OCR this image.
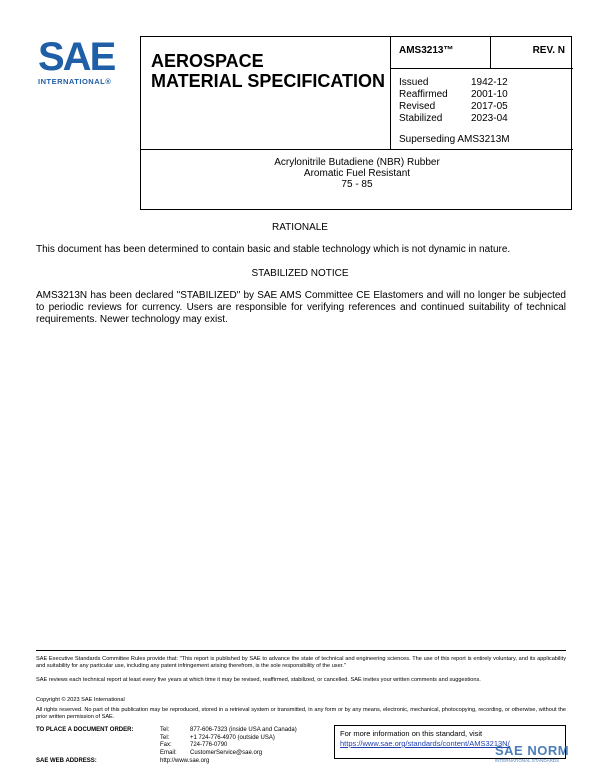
SAE
INTERNATIONAL®
AEROSPACE
MATERIAL SPECIFICATION
AMS3213™	REV. N
Issued	1942-12
Reaffirmed	2001-10
Revised	2017-05
Stabilized	2023-04
Superseding AMS3213M
Acrylonitrile Butadiene (NBR) Rubber
Aromatic Fuel Resistant
75 - 85
RATIONALE
This document has been determined to contain basic and stable technology which is not dynamic in nature.
STABILIZED NOTICE
AMS3213N has been declared "STABILIZED" by SAE AMS Committee CE Elastomers and will no longer be subjected to periodic reviews for currency. Users are responsible for verifying references and continued suitability of technical requirements. Newer technology may exist.
SAE Executive Standards Committee Rules provide that: "This report is published by SAE to advance the state of technical and engineering sciences. The use of this report is entirely voluntary, and its applicability and suitability for any particular use, including any patent infringement arising therefrom, is the sole responsibility of the user."
SAE reviews each technical report at least every five years at which time it may be revised, reaffirmed, stabilized, or cancelled. SAE invites your written comments and suggestions.
Copyright © 2023 SAE International
All rights reserved. No part of this publication may be reproduced, stored in a retrieval system or transmitted, in any form or by any means, electronic, mechanical, photocopying, recording, or otherwise, without the prior written permission of SAE.
TO PLACE A DOCUMENT ORDER:	Tel:	877-606-7323 (inside USA and Canada)
Tel:	+1 724-776-4970 (outside USA)
Fax:	724-776-0790
Email:	CustomerService@sae.org
SAE WEB ADDRESS:	http://www.sae.org
For more information on this standard, visit
https://www.sae.org/standards/content/AMS3213N/
SAE NORM
INTERNATIONAL STANDARDS
